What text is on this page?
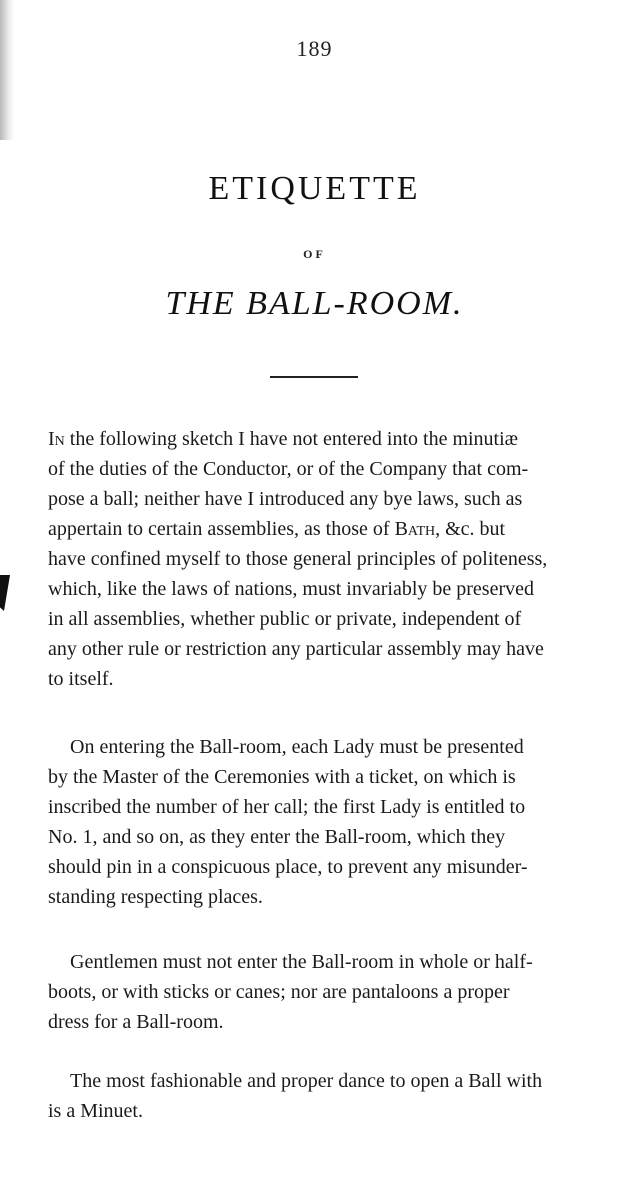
189
ETIQUETTE
OF
THE BALL-ROOM.
In the following sketch I have not entered into the minutiæ
of the duties of the Conductor, or of the Company that com-
pose a ball; neither have I introduced any bye laws, such as
appertain to certain assemblies, as those of Bath, &c. but
have confined myself to those general principles of politeness,
which, like the laws of nations, must invariably be preserved
in all assemblies, whether public or private, independent of
any other rule or restriction any particular assembly may have
to itself.
On entering the Ball-room, each Lady must be presented
by the Master of the Ceremonies with a ticket, on which is
inscribed the number of her call; the first Lady is entitled to
No. 1, and so on, as they enter the Ball-room, which they
should pin in a conspicuous place, to prevent any misunder-
standing respecting places.
Gentlemen must not enter the Ball-room in whole or half-
boots, or with sticks or canes; nor are pantaloons a proper
dress for a Ball-room.
The most fashionable and proper dance to open a Ball with
is a Minuet.
